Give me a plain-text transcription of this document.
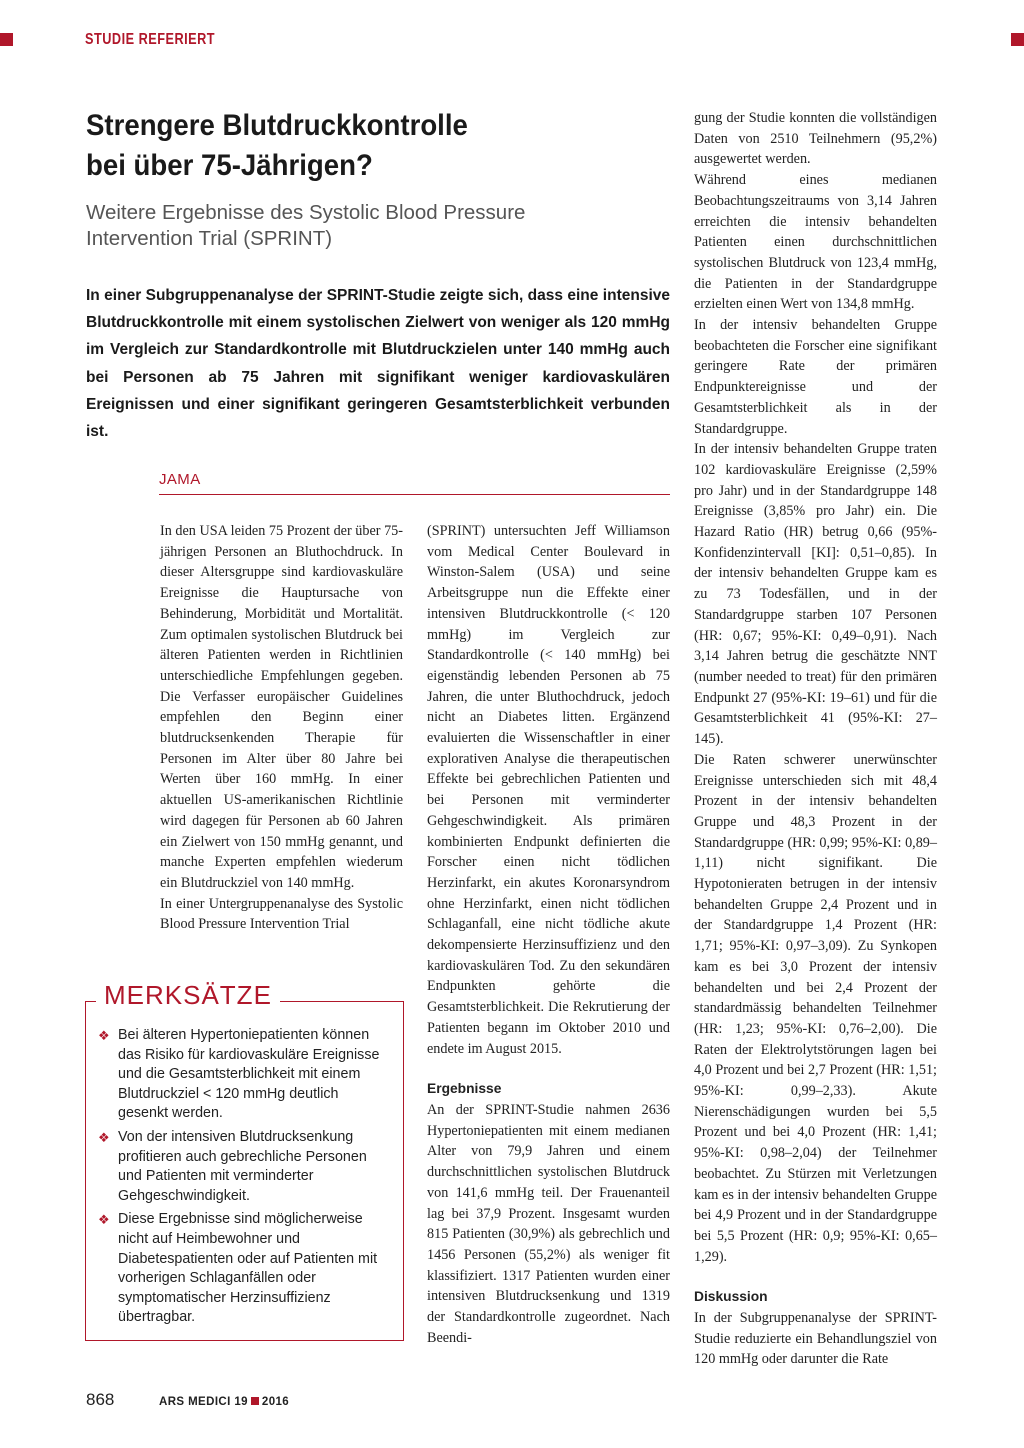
STUDIE REFERIERT
Strengere Blutdruckkontrolle
bei über 75-Jährigen?
Weitere Ergebnisse des Systolic Blood Pressure
Intervention Trial (SPRINT)
In einer Subgruppenanalyse der SPRINT-Studie zeigte sich, dass eine intensive Blutdruckkontrolle mit einem systolischen Zielwert von weniger als 120 mmHg im Vergleich zur Standardkontrolle mit Blutdruckzielen unter 140 mmHg auch bei Personen ab 75 Jahren mit signifikant weniger kardiovaskulären Ereignissen und einer signifikant geringeren Gesamtsterblichkeit verbunden ist.
JAMA

In den USA leiden 75 Prozent der über 75-jährigen Personen an Bluthochdruck. In dieser Altersgruppe sind kardiovaskuläre Ereignisse die Hauptursache von Behinderung, Morbidität und Mortalität. Zum optimalen systolischen Blutdruck bei älteren Patienten werden in Richtlinien unterschiedliche Empfehlungen gegeben. Die Verfasser europäischer Guidelines empfehlen den Beginn einer blutdrucksenkenden Therapie für Personen im Alter über 80 Jahre bei Werten über 160 mmHg. In einer aktuellen US-amerikanischen Richtlinie wird dagegen für Personen ab 60 Jahren ein Zielwert von 150 mmHg genannt, und manche Experten empfehlen wiederum ein Blutdruckziel von 140 mmHg.

In einer Untergruppenanalyse des Systolic Blood Pressure Intervention Trial

MERKSÄTZE
❖ Bei älteren Hypertoniepatienten können das Risiko für kardiovaskuläre Ereignisse und die Gesamtsterblichkeit mit einem Blutdruckziel < 120 mmHg deutlich gesenkt werden.
❖ Von der intensiven Blutdrucksenkung profitieren auch gebrechliche Personen und Patienten mit verminderter Gehgeschwindigkeit.
❖ Diese Ergebnisse sind möglicherweise nicht auf Heimbewohner und Diabetespatienten oder auf Patienten mit vorherigen Schlaganfällen oder symptomatischer Herzinsuffizienz übertragbar.

(SPRINT) untersuchten Jeff Williamson vom Medical Center Boulevard in Winston-Salem (USA) und seine Arbeitsgruppe nun die Effekte einer intensiven Blutdruckkontrolle (< 120 mmHg) im Vergleich zur Standardkontrolle (< 140 mmHg) bei eigenständig lebenden Personen ab 75 Jahren, die unter Bluthochdruck, jedoch nicht an Diabetes litten. Ergänzend evaluierten die Wissenschaftler in einer explorativen Analyse die therapeutischen Effekte bei gebrechlichen Patienten und bei Personen mit verminderter Gehgeschwindigkeit. Als primären kombinierten Endpunkt definierten die Forscher einen nicht tödlichen Herzinfarkt, ein akutes Koronarsyndrom ohne Herzinfarkt, einen nicht tödlichen Schlaganfall, eine nicht tödliche akute dekompensierte Herzinsuffizienz und den kardiovaskulären Tod. Zu den sekundären Endpunkten gehörte die Gesamtsterblichkeit. Die Rekrutierung der Patienten begann im Oktober 2010 und endete im August 2015.

Ergebnisse

An der SPRINT-Studie nahmen 2636 Hypertoniepatienten mit einem medianen Alter von 79,9 Jahren und einem durchschnittlichen systolischen Blutdruck von 141,6 mmHg teil. Der Frauenanteil lag bei 37,9 Prozent. Insgesamt wurden 815 Patienten (30,9%) als gebrechlich und 1456 Personen (55,2%) als weniger fit klassifiziert. 1317 Patienten wurden einer intensiven Blutdrucksenkung und 1319 der Standardkontrolle zugeordnet. Nach Beendi-

gung der Studie konnten die vollständigen Daten von 2510 Teilnehmern (95,2%) ausgewertet werden.

Während eines medianen Beobachtungszeitraums von 3,14 Jahren erreichten die intensiv behandelten Patienten einen durchschnittlichen systolischen Blutdruck von 123,4 mmHg, die Patienten in der Standardgruppe erzielten einen Wert von 134,8 mmHg.

In der intensiv behandelten Gruppe beobachteten die Forscher eine signifikant geringere Rate der primären Endpunktereignisse und der Gesamtsterblichkeit als in der Standardgruppe.

In der intensiv behandelten Gruppe traten 102 kardiovaskuläre Ereignisse (2,59% pro Jahr) und in der Standardgruppe 148 Ereignisse (3,85% pro Jahr) ein. Die Hazard Ratio (HR) betrug 0,66 (95%-Konfidenzintervall [KI]: 0,51–0,85). In der intensiv behandelten Gruppe kam es zu 73 Todesfällen, und in der Standardgruppe starben 107 Personen (HR: 0,67; 95%-KI: 0,49–0,91). Nach 3,14 Jahren betrug die geschätzte NNT (number needed to treat) für den primären Endpunkt 27 (95%-KI: 19–61) und für die Gesamtsterblichkeit 41 (95%-KI: 27–145).

Die Raten schwerer unerwünschter Ereignisse unterschieden sich mit 48,4 Prozent in der intensiv behandelten Gruppe und 48,3 Prozent in der Standardgruppe (HR: 0,99; 95%-KI: 0,89–1,11) nicht signifikant. Die Hypotonieraten betrugen in der intensiv behandelten Gruppe 2,4 Prozent und in der Standardgruppe 1,4 Prozent (HR: 1,71; 95%-KI: 0,97–3,09). Zu Synkopen kam es bei 3,0 Prozent der intensiv behandelten und bei 2,4 Prozent der standardmässig behandelten Teilnehmer (HR: 1,23; 95%-KI: 0,76–2,00). Die Raten der Elektrolytstörungen lagen bei 4,0 Prozent und bei 2,7 Prozent (HR: 1,51; 95%-KI: 0,99–2,33). Akute Nierenschädigungen wurden bei 5,5 Prozent und bei 4,0 Prozent (HR: 1,41; 95%-KI: 0,98–2,04) der Teilnehmer beobachtet. Zu Stürzen mit Verletzungen kam es in der intensiv behandelten Gruppe bei 4,9 Prozent und in der Standardgruppe bei 5,5 Prozent (HR: 0,9; 95%-KI: 0,65–1,29).

Diskussion

In der Subgruppenanalyse der SPRINT-Studie reduzierte ein Behandlungsziel von 120 mmHg oder darunter die Rate

868	ARS MEDICI 19 2016
